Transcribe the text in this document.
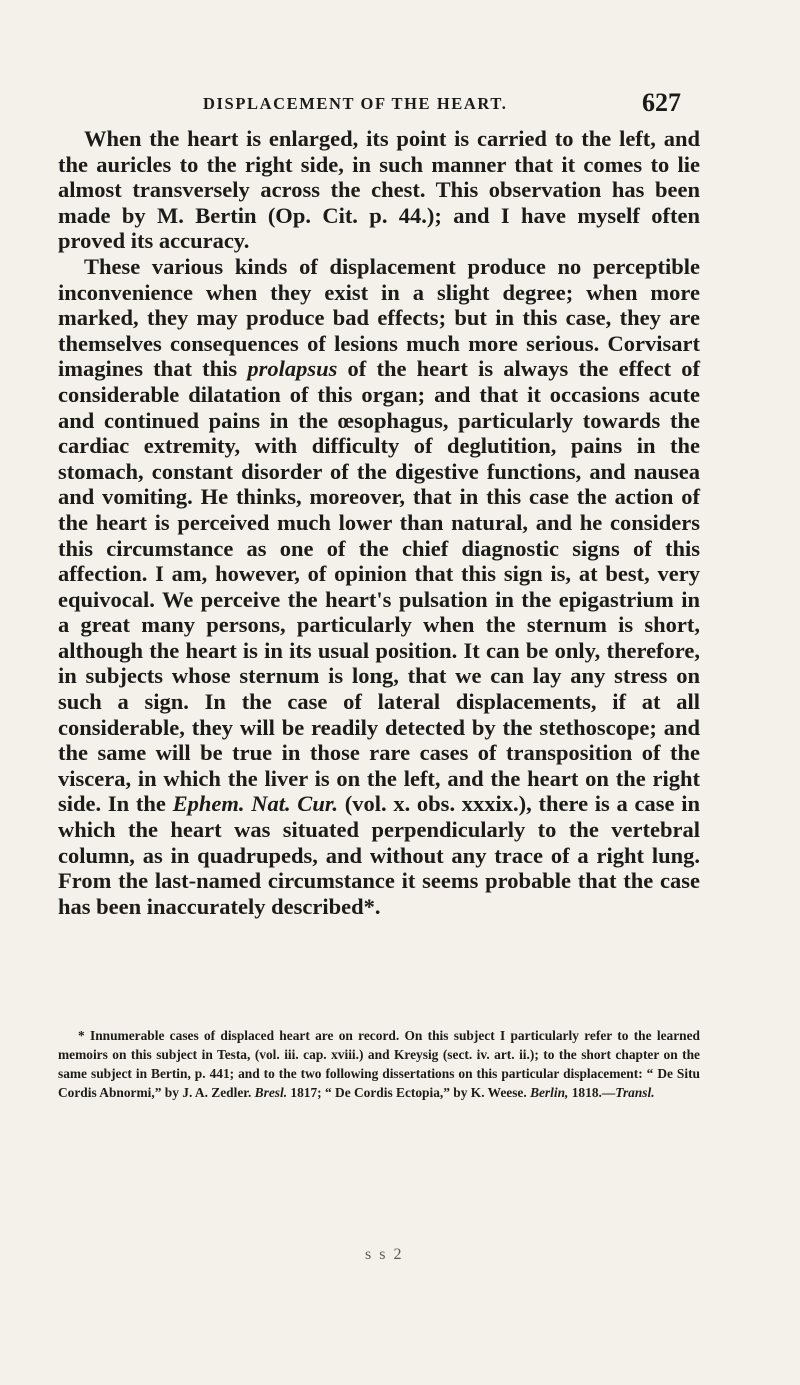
DISPLACEMENT OF THE HEART.	627

When the heart is enlarged, its point is carried to the left, and the auricles to the right side, in such manner that it comes to lie almost transversely across the chest. This observation has been made by M. Bertin (Op. Cit. p. 44.); and I have myself often proved its accuracy.

These various kinds of displacement produce no perceptible inconvenience when they exist in a slight degree; when more marked, they may produce bad effects; but in this case, they are themselves consequences of lesions much more serious. Corvisart imagines that this prolapsus of the heart is always the effect of considerable dilatation of this organ; and that it occasions acute and continued pains in the œsophagus, particularly towards the cardiac extremity, with difficulty of deglutition, pains in the stomach, constant disorder of the digestive functions, and nausea and vomiting. He thinks, moreover, that in this case the action of the heart is perceived much lower than natural, and he considers this circumstance as one of the chief diagnostic signs of this affection. I am, however, of opinion that this sign is, at best, very equivocal. We perceive the heart's pulsation in the epigastrium in a great many persons, particularly when the sternum is short, although the heart is in its usual position. It can be only, therefore, in subjects whose sternum is long, that we can lay any stress on such a sign. In the case of lateral displacements, if at all considerable, they will be readily detected by the stethoscope; and the same will be true in those rare cases of transposition of the viscera, in which the liver is on the left, and the heart on the right side. In the Ephem. Nat. Cur. (vol. x. obs. xxxix.), there is a case in which the heart was situated perpendicularly to the vertebral column, as in quadrupeds, and without any trace of a right lung. From the last-named circumstance it seems probable that the case has been inaccurately described*.

* Innumerable cases of displaced heart are on record. On this subject I particularly refer to the learned memoirs on this subject in Testa, (vol. iii. cap. xviii.) and Kreysig (sect. iv. art. ii.); to the short chapter on the same subject in Bertin, p. 441; and to the two following dissertations on this particular displacement: “ De Situ Cordis Abnormi,” by J. A. Zedler. Bresl. 1817; “ De Cordis Ectopia,” by K. Weese. Berlin, 1818.—Transl.

s s 2
